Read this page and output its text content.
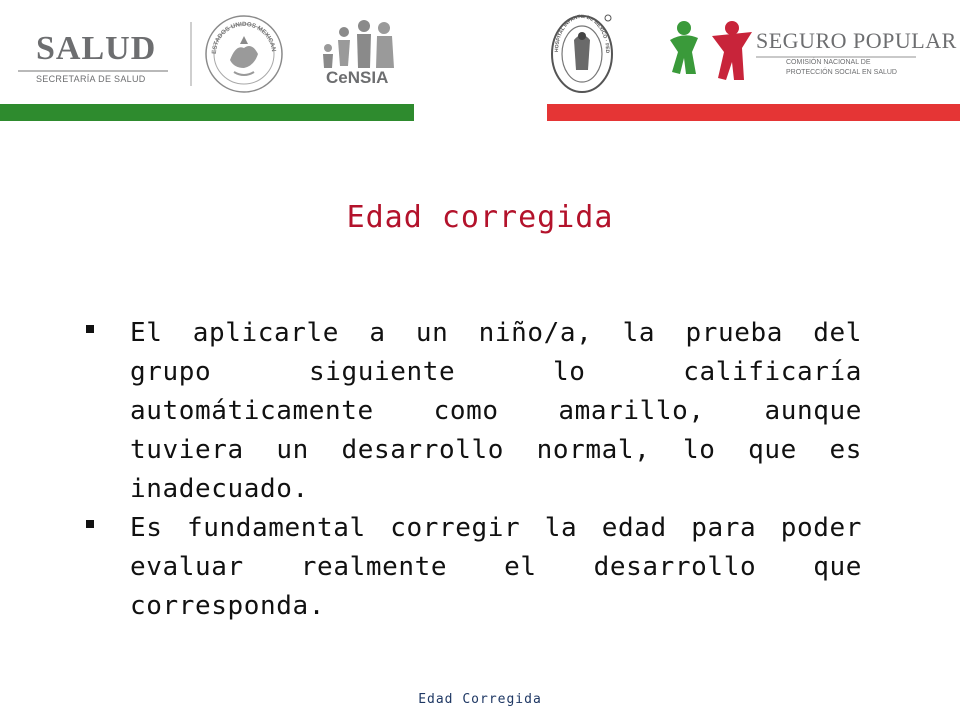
SALUD
SECRETARÍA DE SALUD
ESTADOS UNIDOS MEXICAN
CeNSIA
HOSPITAL INFANTIL DE MÉXICO · FED	SEGURO POPULAR
COMISIÓN NACIONAL DE
PROTECCIÓN SOCIAL EN SALUD
Edad corregida
El aplicarle a un niño/a, la prueba del grupo siguiente lo calificaría automáticamente como amarillo, aunque tuviera un desarrollo normal, lo que es inadecuado.
Es fundamental corregir la edad para poder evaluar realmente el desarrollo que corresponda.
Edad Corregida
